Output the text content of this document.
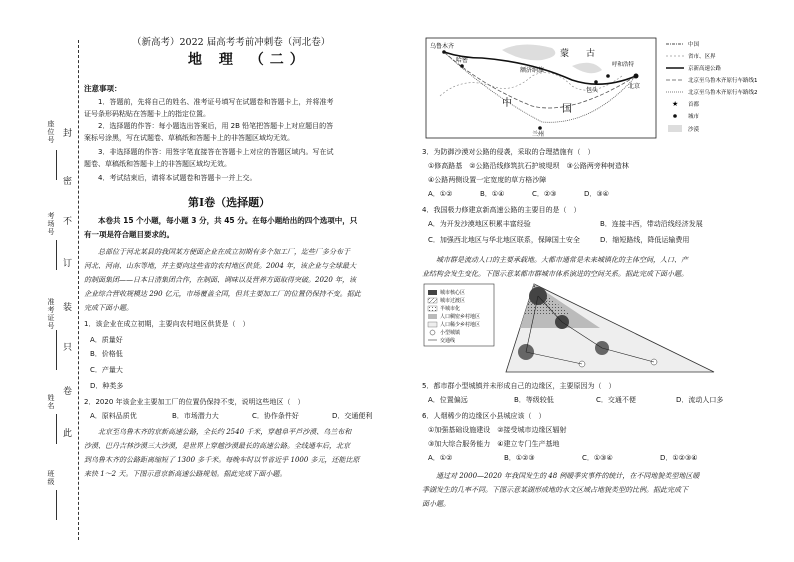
封
密
不
订
装
只
卷
此
座位号
考场号
准考证号
姓名
班级
（新高考）2022 届高考考前冲刺卷（河北卷）
地 理 （二）
注意事项：
1．答题前，先将自己的姓名、准考证号填写在试题卷和答题卡上，并将准考
证号条形码粘贴在答题卡上的指定位置。
2．选择题的作答：每小题选出答案后，用 2B 铅笔把答题卡上对应题目的答
案标号涂黑，写在试题卷、草稿纸和答题卡上的非答题区域均无效。
3．非选择题的作答：用签字笔直接答在答题卡上对应的答题区域内。写在试
题卷、草稿纸和答题卡上的非答题区域均无效。
4．考试结束后，请将本试题卷和答题卡一并上交。
第Ⅰ卷（选择题）
本卷共 15 个小题，每小题 3 分，共 45 分。在每小题给出的四个选项中，只
有一项是符合题目要求的。
总部位于河北某县的我国某方便面企业在成立初期有多个加工厂，迄些厂多分布于
河北、河南、山东等地，并主要向这些省的农村地区供货。2004 年，该企业与全球最大
的制面集团——日本日清集团合作，在制面、调味以及营养方面取得突破。2020 年，该
企业综合营收规模达 290 亿元，市场覆盖全国，但其主要加工厂的位置仍保持不变。据此
完成下面小题。
1．该企业在成立初期，主要向农村地区供货是（　）
A．质量好
B．价格低
C．产量大
D．种类多
2．2020 年该企业主要加工厂的位置仍保持不变，说明这些地区（　）
A．原料品质优	B．市场潜力大	C．协作条件好	D．交通便利
北京至乌鲁木齐的京新高速公路，全长约 2540 千米，穿越阜平芦沙漠、乌兰布和
沙漠、巴丹吉林沙漠三大沙漠，是世界上穿越沙漠最长的高速公路。全线通车后，北京
到乌鲁木齐的公路距离缩短了 1300 多千米。每晚车时以节省近乎 1000 多元，还能比原
来快 1～2 天。下图示意京新高速公路规划。据此完成下面小题。
乌鲁木齐
哈密
额济纳旗
蒙 古
呼和浩特
北京
包头
中
国
兰州
中国
省市、区界
京新高速公路
北京至乌鲁木齐原行车路线1
北京至乌鲁木齐原行车路线2
★ 首都
城市
沙漠
3．为防御沙漠对公路的侵袭，采取的合理措施有（　）
①修高路基　②公路沿线修筑抗石护坡堤坝　③公路两旁种树造林
④公路两侧设置一定宽度的草方格沙障
A．①②	B．①④	C．②③	D．③④
4．我国极力修建京新高速公路的主要目的是（　）
A．为开发沙漠地区积累丰富经验	B．连接丰西，带动沿线经济发展
C．加强西北地区与华北地区联系，保障国土安全	D．缩短路线，降低运输费用
城市群是流动人口的主要承载地。大都市通常是未来城镇化的主体空间，人口、产
业结构会发生变化。下图示意某都市群城市体系演进的空间关系。据此完成下面小题。
城市核心区
城市过渡区
半城市化
人口稠密乡村地区
人口稀少乡村地区
小型城镇
交通线
5．都市群小型城镇并未形成自己的边缘区，主要原因为（　）
A．位置偏远	B．等级较低	C．交通不便	D．流动人口多
6．人烟稀少的边缘区小县城应该（　）
①加强基础设施建设　②接受城市边缘区辐射
③加大综合服务能力　④建立专门生产基地
A．①②	B．①②③	C．①③④	D．①②③④
通过对 2000—2020 年我国发生的 48 例暖季灾事件的统计，在不同地貌类型地区暖
季湖发生的几率不同。下图示意某湖形成地的水文区域占地貌类型的比例。据此完成下
面小题。
